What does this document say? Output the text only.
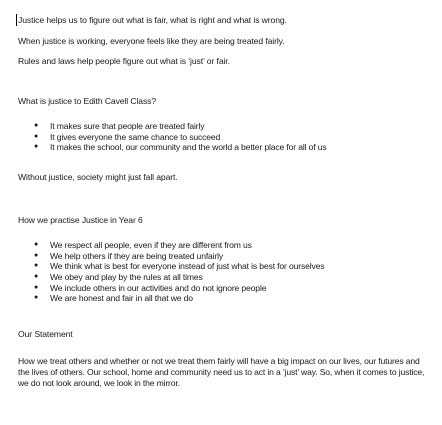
Justice helps us to figure out what is fair, what is right and what is wrong.
When justice is working, everyone feels like they are being treated fairly.
Rules and laws help people figure out what is ‘just’ or fair.
What is justice to Edith Cavell Class?
● It makes sure that people are treated fairly
● It gives everyone the same chance to succeed
● It makes the school, our community and the world a better place for all of us
Without justice, society might just fall apart.
How we practise Justice in Year 6
● We respect all people, even if they are different from us
● We help others if they are being treated unfairly
● We think what is best for everyone instead of just what is best for ourselves
● We obey and play by the rules at all times
● We include others in our activities and do not ignore people
● We are honest and fair in all that we do
Our Statement
How we treat others and whether or not we treat them fairly will have a big impact on our lives, our futures and the lives of others. Our school, home and community need us to act in a ‘just’ way. So, when it comes to justice, we do not look around, we look in the mirror.
